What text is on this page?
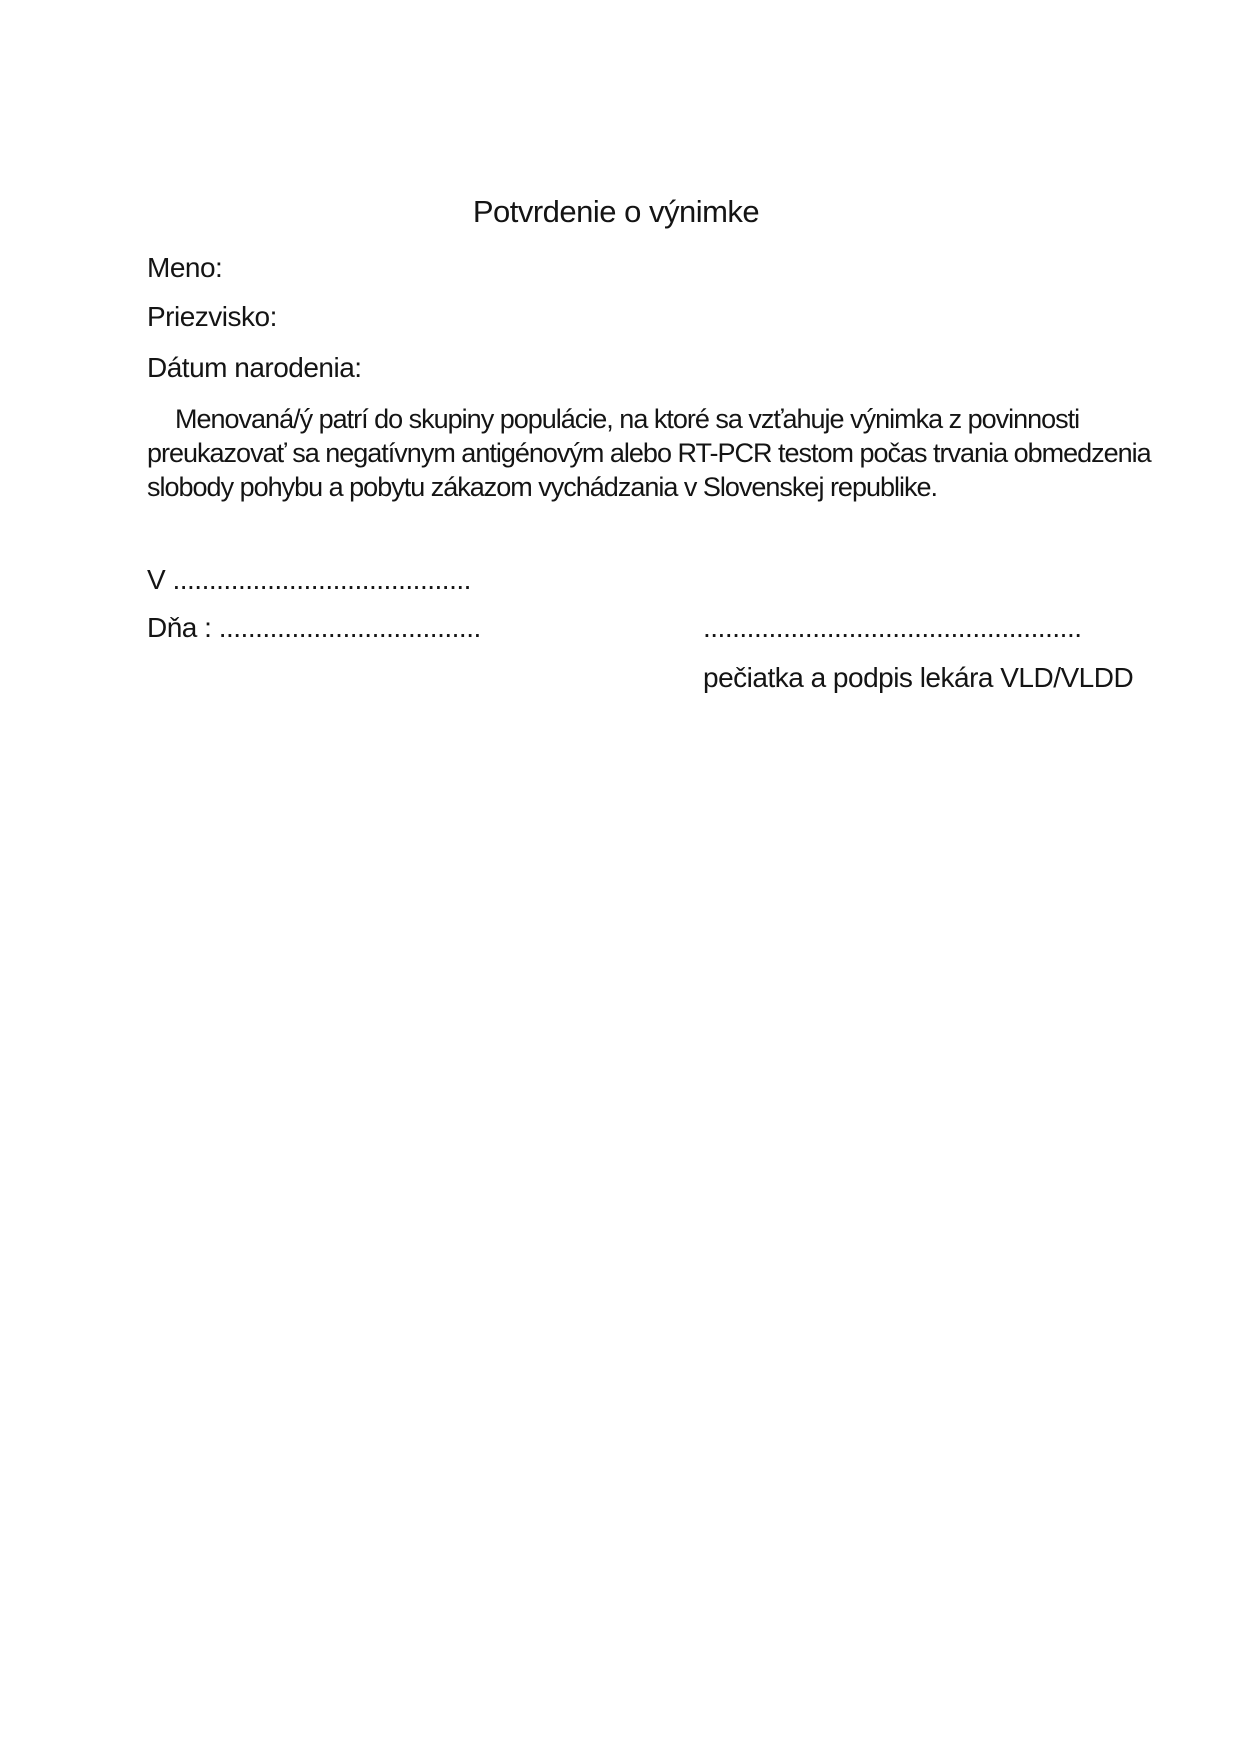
Potvrdenie o výnimke
Meno:
Priezvisko:
Dátum narodenia:
Menovaná/ý patrí do skupiny populácie, na ktoré sa vzťahuje výnimka z povinnosti
preukazovať sa negatívnym antigénovým alebo RT-PCR testom počas trvania obmedzenia
slobody pohybu a pobytu zákazom vychádzania v Slovenskej republike.
V .........................................
Dňa : ....................................	....................................................
pečiatka a podpis lekára VLD/VLDD
